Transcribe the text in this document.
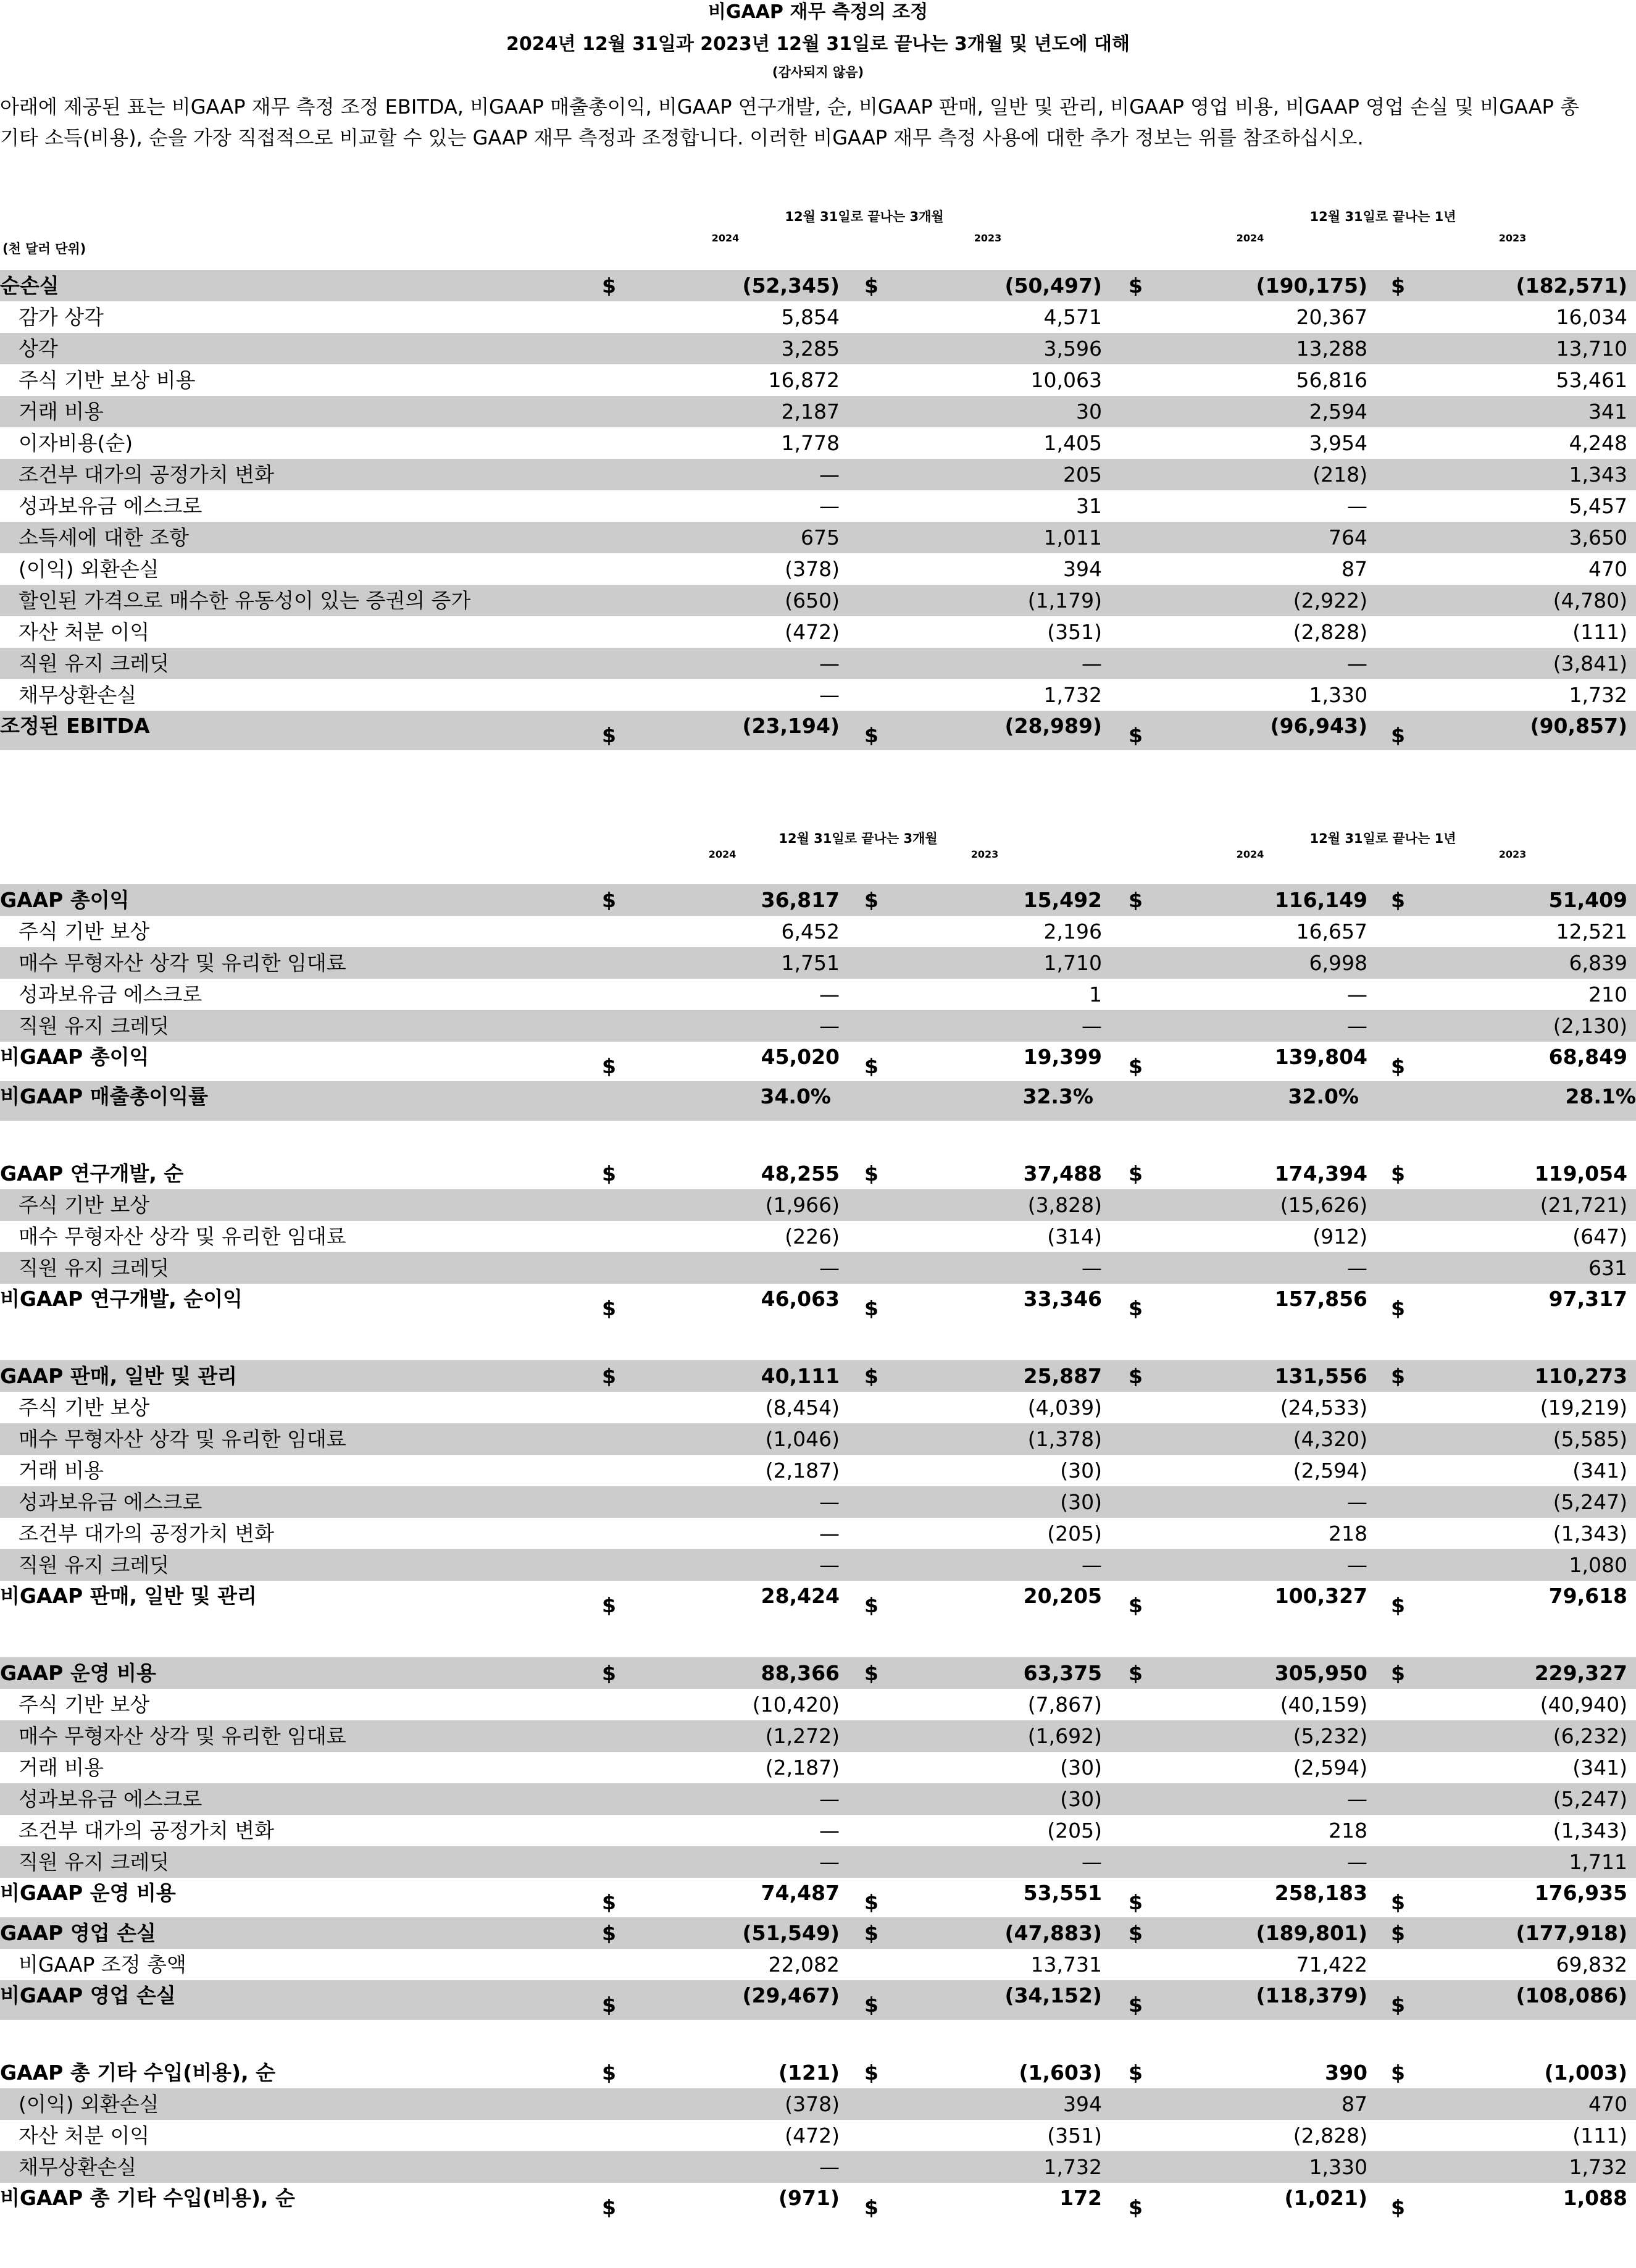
비GAAP 재무 측정의 조정
2024년 12월 31일과 2023년 12월 31일로 끝나는 3개월 및 년도에 대해
(감사되지 않음)
아래에 제공된 표는 비GAAP 재무 측정 조정 EBITDA, 비GAAP 매출총이익, 비GAAP 연구개발, 순, 비GAAP 판매, 일반 및 관리, 비GAAP 영업 비용, 비GAAP 영업 손실 및 비GAAP 총
기타 소득(비용), 순을 가장 직접적으로 비교할 수 있는 GAAP 재무 측정과 조정합니다. 이러한 비GAAP 재무 측정 사용에 대한 추가 정보는 위를 참조하십시오.
(천 달러 단위)
12월 31일로 끝나는 3개월	12월 31일로 끝나는 1년
2024	2023	2024	2023
순손실	$	(52,345) $	(50,497) $	(190,175) $	(182,571)
감가 상각	5,854	4,571	20,367	16,034
상각	3,285	3,596	13,288	13,710
주식 기반 보상 비용	16,872	10,063	56,816	53,461
거래 비용	2,187	30	2,594	341
이자비용(순)	1,778	1,405	3,954	4,248
조건부 대가의 공정가치 변화	—	205	(218)	1,343
성과보유금 에스크로	—	31	—	5,457
소득세에 대한 조항	675	1,011	764	3,650
(이익) 외환손실	(378)	394	87	470
할인된 가격으로 매수한 유동성이 있는 증권의 증가	(650)	(1,179)	(2,922)	(4,780)
자산 처분 이익	(472)	(351)	(2,828)	(111)
직원 유지 크레딧	—	—	—	(3,841)
채무상환손실	—	1,732	1,330	1,732
조정된 EBITDA	$	(23,194) $	(28,989) $	(96,943) $	(90,857)
12월 31일로 끝나는 3개월	12월 31일로 끝나는 1년
2024	2023	2024	2023
GAAP 총이익	$	36,817 $	15,492 $	116,149 $	51,409
주식 기반 보상	6,452	2,196	16,657	12,521
매수 무형자산 상각 및 유리한 임대료	1,751	1,710	6,998	6,839
성과보유금 에스크로	—	1	—	210
직원 유지 크레딧	—	—	—	(2,130)
비GAAP 총이익	$	45,020 $	19,399 $	139,804 $	68,849
비GAAP 매출총이익률	34.0%	32.3%	32.0%	28.1%
GAAP 연구개발, 순	$	48,255 $	37,488 $	174,394 $	119,054
주식 기반 보상	(1,966)	(3,828)	(15,626)	(21,721)
매수 무형자산 상각 및 유리한 임대료	(226)	(314)	(912)	(647)
직원 유지 크레딧	—	—	—	631
비GAAP 연구개발, 순이익	$	46,063 $	33,346 $	157,856 $	97,317
GAAP 판매, 일반 및 관리	$	40,111 $	25,887 $	131,556 $	110,273
주식 기반 보상	(8,454)	(4,039)	(24,533)	(19,219)
매수 무형자산 상각 및 유리한 임대료	(1,046)	(1,378)	(4,320)	(5,585)
거래 비용	(2,187)	(30)	(2,594)	(341)
성과보유금 에스크로	—	(30)	—	(5,247)
조건부 대가의 공정가치 변화	—	(205)	218	(1,343)
직원 유지 크레딧	—	—	—	1,080
비GAAP 판매, 일반 및 관리	$	28,424 $	20,205 $	100,327 $	79,618
GAAP 운영 비용	$	88,366 $	63,375 $	305,950 $	229,327
주식 기반 보상	(10,420)	(7,867)	(40,159)	(40,940)
매수 무형자산 상각 및 유리한 임대료	(1,272)	(1,692)	(5,232)	(6,232)
거래 비용	(2,187)	(30)	(2,594)	(341)
성과보유금 에스크로	—	(30)	—	(5,247)
조건부 대가의 공정가치 변화	—	(205)	218	(1,343)
직원 유지 크레딧	—	—	—	1,711
비GAAP 운영 비용	$	74,487 $	53,551 $	258,183 $	176,935
GAAP 영업 손실	$	(51,549) $	(47,883) $	(189,801) $	(177,918)
비GAAP 조정 총액	22,082	13,731	71,422	69,832
비GAAP 영업 손실	$	(29,467) $	(34,152) $	(118,379) $	(108,086)
GAAP 총 기타 수입(비용), 순	$	(121) $	(1,603) $	390 $	(1,003)
(이익) 외환손실	(378)	394	87	470
자산 처분 이익	(472)	(351)	(2,828)	(111)
채무상환손실	—	1,732	1,330	1,732
비GAAP 총 기타 수입(비용), 순	$	(971) $	172 $	(1,021) $	1,088
